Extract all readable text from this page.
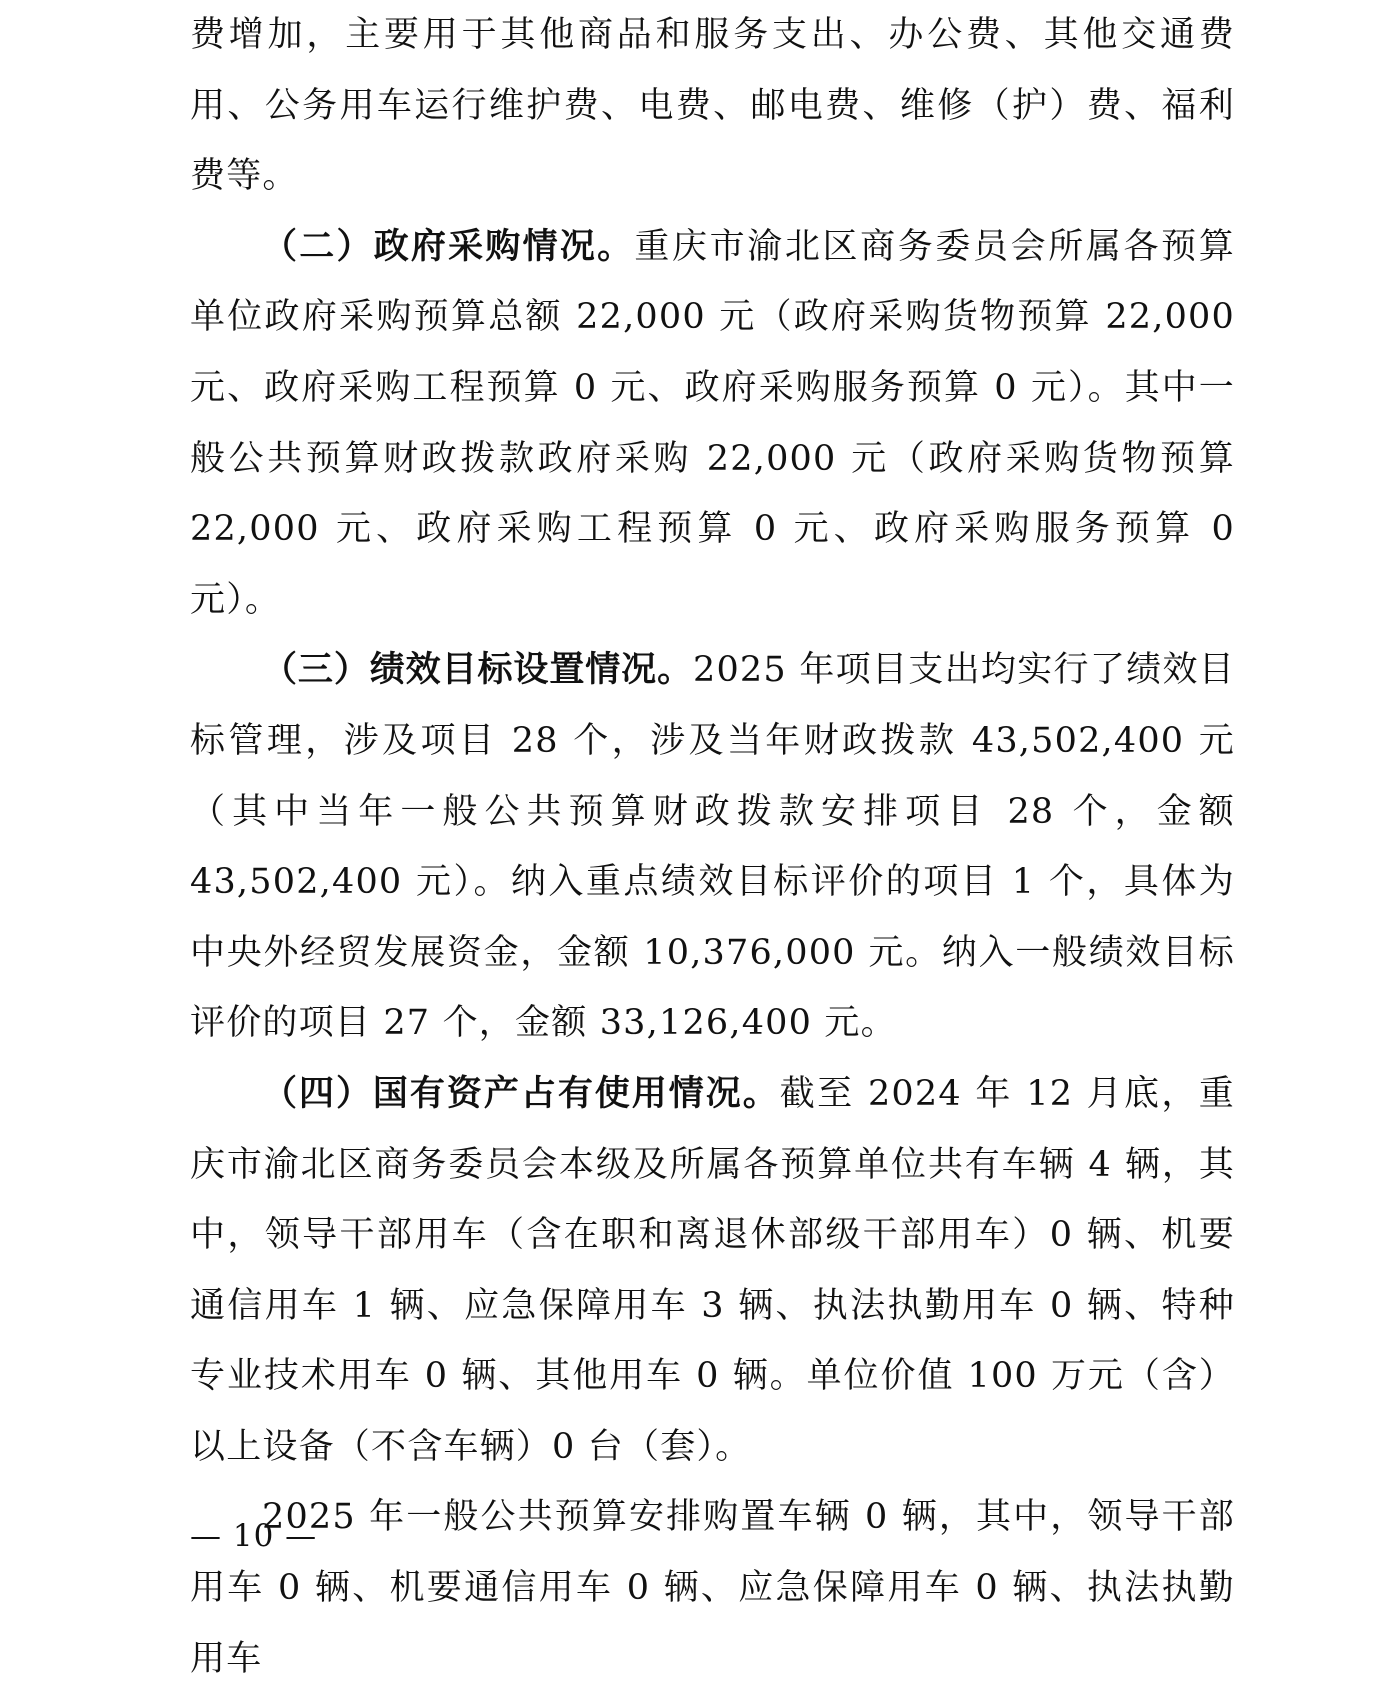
费增加，主要用于其他商品和服务支出、办公费、其他交通费用、公务用车运行维护费、电费、邮电费、维修（护）费、福利费等。

（二）政府采购情况。重庆市渝北区商务委员会所属各预算单位政府采购预算总额 22,000 元（政府采购货物预算 22,000 元、政府采购工程预算 0 元、政府采购服务预算 0 元）。其中一般公共预算财政拨款政府采购 22,000 元（政府采购货物预算 22,000 元、政府采购工程预算 0 元、政府采购服务预算 0 元）。

（三）绩效目标设置情况。2025 年项目支出均实行了绩效目标管理，涉及项目 28 个，涉及当年财政拨款 43,502,400 元（其中当年一般公共预算财政拨款安排项目 28 个，金额 43,502,400 元）。纳入重点绩效目标评价的项目 1 个，具体为中央外经贸发展资金，金额 10,376,000 元。纳入一般绩效目标评价的项目 27 个，金额 33,126,400 元。

（四）国有资产占有使用情况。截至 2024 年 12 月底，重庆市渝北区商务委员会本级及所属各预算单位共有车辆 4 辆，其中，领导干部用车（含在职和离退休部级干部用车）0 辆、机要通信用车 1 辆、应急保障用车 3 辆、执法执勤用车 0 辆、特种专业技术用车 0 辆、其他用车 0 辆。单位价值 100 万元（含）以上设备（不含车辆）0 台（套）。

2025 年一般公共预算安排购置车辆 0 辆，其中，领导干部用车 0 辆、机要通信用车 0 辆、应急保障用车 0 辆、执法执勤用车

— 10 —
